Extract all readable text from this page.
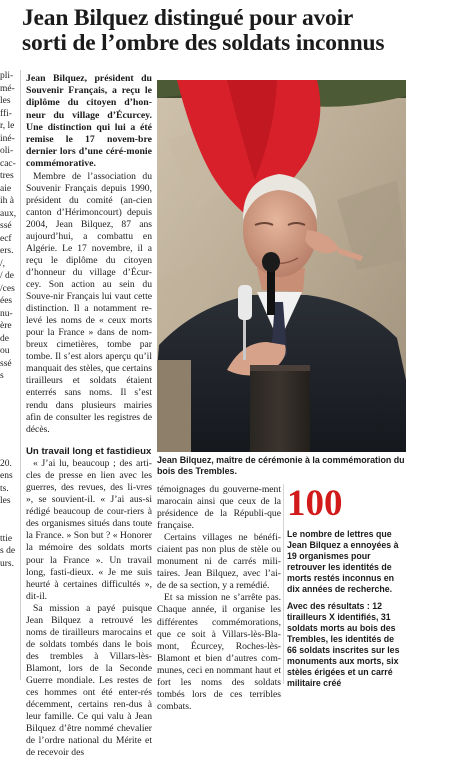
Jean Bilquez distingué pour avoir
sorti de l’ombre des soldats inconnus
pli-
mé-
les
ffi-
r, le
iné-
oli-
cac-
tres
aie
ih à
aux,
ssé
ecf
ers.
/,
/ de
/ces
ées
nu-
ère
de
ou
ssé
s
20.
ens
ts.
les
ttie
s de
urs.

Jean Bilquez, président du Souvenir Français, a reçu le diplôme du citoyen d’hon-neur du village d’Écurcey. Une distinction qui lui a été remise le 17 novem-bre dernier lors d’une céré-monie commémorative.

Membre de l’association du Souvenir Français depuis 1990, président du comité (an-cien canton d’Hérimoncourt) depuis 2004, Jean Bilquez, 87 ans aujourd’hui, a combattu en Algérie. Le 17 novembre, il a reçu le diplôme du citoyen d’honneur du village d’Écur-cey. Son action au sein du Souve-nir Français lui vaut cette distinction. Il a notamment re-levé les noms de « ceux morts pour la France » dans de nom-breux cimetières, tombe par tombe. Il s’est alors aperçu qu’il manquait des stèles, que certains tirailleurs et soldats étaient enterrés sans noms. Il s’est rendu dans plusieurs mairies afin de consulter les registres de décès.

Un travail long et fastidieux

« J’ai lu, beaucoup ; des arti-cles de presse en lien avec les guerres, des revues, des li-vres », se souvient-il. « J’ai aus-si rédigé beaucoup de cour-riers à des organismes situés dans toute la France. » Son but ? « Honorer la mémoire des soldats morts pour la France ». Un travail long, fasti-dieux. « Je me suis heurté à certaines difficultés », dit-il.

Sa mission a payé puisque Jean Bilquez a retrouvé les noms de tirailleurs marocains et de soldats tombés dans le bois des trembles à Villars-lès-Blamont, lors de la Seconde Guerre mondiale. Les restes de ces hommes ont été enter-rés décemment, certains ren-dus à leur famille. Ce qui valu à Jean Bilquez d’être nommé chevalier de l’ordre national du Mérite et de recevoir des

Jean Bilquez, maître de cérémonie à la commémoration du bois des Trembles.

témoignages du gouverne-ment marocain ainsi que ceux de la présidence de la Républi-que française.

Certains villages ne bénéfi-ciaient pas non plus de stèle ou monument ni de carrés mili-taires. Jean Bilquez, avec l’ai-de de sa section, y a remédié.

Et sa mission ne s’arrête pas. Chaque année, il organise les différentes commémorations, que ce soit à Villars-lès-Bla-mont, Écurcey, Roches-lès-Blamont et bien d’autres com-munes, ceci en nommant haut et fort les noms des soldats tombés lors de ces terribles combats.

100

Le nombre de lettres que Jean Bilquez a ennoyées à 19 organismes pour retrouver les identités de morts restés inconnus en dix années de recherche.

Avec des résultats : 12 tirailleurs X identifiés, 31 soldats morts au bois des Trembles, les identités de 66 soldats inscrites sur les monuments aux morts, six stèles érigées et un carré militaire créé
